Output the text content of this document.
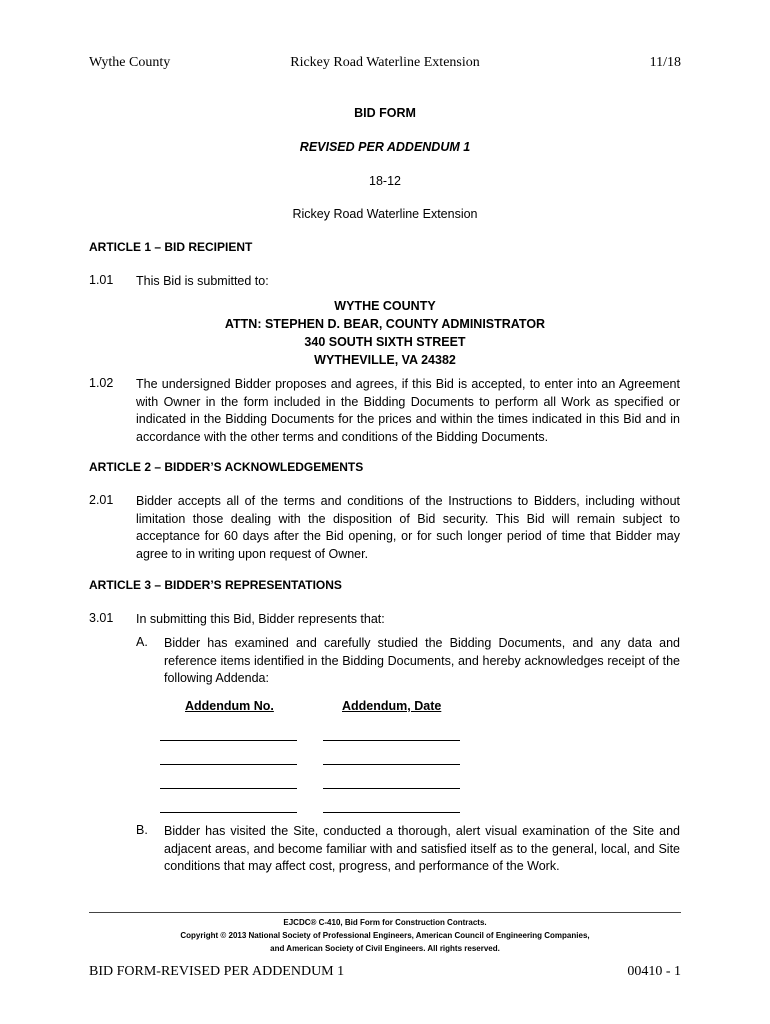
Wythe County	Rickey Road Waterline Extension	11/18
BID FORM
REVISED PER ADDENDUM 1
18-12
Rickey Road Waterline Extension
ARTICLE 1 – BID RECIPIENT
1.01 This Bid is submitted to:
WYTHE COUNTY
ATTN: STEPHEN D. BEAR, COUNTY ADMINISTRATOR
340 SOUTH SIXTH STREET
WYTHEVILLE, VA 24382
1.02 The undersigned Bidder proposes and agrees, if this Bid is accepted, to enter into an Agreement with Owner in the form included in the Bidding Documents to perform all Work as specified or indicated in the Bidding Documents for the prices and within the times indicated in this Bid and in accordance with the other terms and conditions of the Bidding Documents.
ARTICLE 2 – BIDDER’S ACKNOWLEDGEMENTS
2.01 Bidder accepts all of the terms and conditions of the Instructions to Bidders, including without limitation those dealing with the disposition of Bid security. This Bid will remain subject to acceptance for 60 days after the Bid opening, or for such longer period of time that Bidder may agree to in writing upon request of Owner.
ARTICLE 3 – BIDDER’S REPRESENTATIONS
3.01 In submitting this Bid, Bidder represents that:
A. Bidder has examined and carefully studied the Bidding Documents, and any data and reference items identified in the Bidding Documents, and hereby acknowledges receipt of the following Addenda:
Addendum No.	Addendum, Date
B. Bidder has visited the Site, conducted a thorough, alert visual examination of the Site and adjacent areas, and become familiar with and satisfied itself as to the general, local, and Site conditions that may affect cost, progress, and performance of the Work.
EJCDC® C-410, Bid Form for Construction Contracts.
Copyright © 2013 National Society of Professional Engineers, American Council of Engineering Companies,
and American Society of Civil Engineers. All rights reserved.
BID FORM-REVISED PER ADDENDUM 1	00410 - 1
